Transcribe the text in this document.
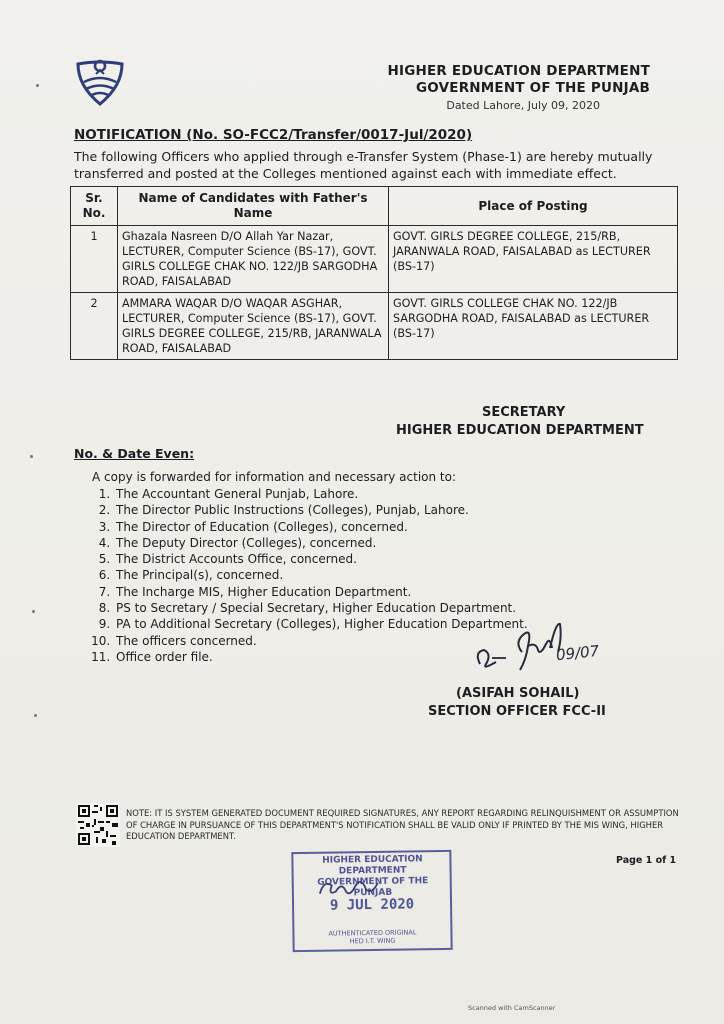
HIGHER EDUCATION DEPARTMENT
GOVERNMENT OF THE PUNJAB
Dated Lahore, July 09, 2020
NOTIFICATION (No. SO-FCC2/Transfer/0017-Jul/2020)
The following Officers who applied through e-Transfer System (Phase-1) are hereby mutually transferred and posted at the Colleges mentioned against each with immediate effect.
Sr. No.	Name of Candidates with Father's Name	Place of Posting
1	Ghazala Nasreen D/O Allah Yar Nazar, LECTURER, Computer Science (BS-17), GOVT. GIRLS COLLEGE CHAK NO. 122/JB SARGODHA ROAD, FAISALABAD	GOVT. GIRLS DEGREE COLLEGE, 215/RB, JARANWALA ROAD, FAISALABAD as LECTURER (BS-17)
2	AMMARA WAQAR D/O WAQAR ASGHAR, LECTURER, Computer Science (BS-17), GOVT. GIRLS DEGREE COLLEGE, 215/RB, JARANWALA ROAD, FAISALABAD	GOVT. GIRLS COLLEGE CHAK NO. 122/JB SARGODHA ROAD, FAISALABAD as LECTURER (BS-17)
SECRETARY
HIGHER EDUCATION DEPARTMENT
No. & Date Even:
A copy is forwarded for information and necessary action to:
1. The Accountant General Punjab, Lahore.
2. The Director Public Instructions (Colleges), Punjab, Lahore.
3. The Director of Education (Colleges), concerned.
4. The Deputy Director (Colleges), concerned.
5. The District Accounts Office, concerned.
6. The Principal(s), concerned.
7. The Incharge MIS, Higher Education Department.
8. PS to Secretary / Special Secretary, Higher Education Department.
9. PA to Additional Secretary (Colleges), Higher Education Department.
10. The officers concerned.
11. Office order file.	09/07
(ASIFAH SOHAIL)
SECTION OFFICER FCC-II
NOTE: IT IS SYSTEM GENERATED DOCUMENT REQUIRED SIGNATURES, ANY REPORT REGARDING RELINQUISHMENT OR ASSUMPTION OF CHARGE IN PURSUANCE OF THIS DEPARTMENT'S NOTIFICATION SHALL BE VALID ONLY IF PRINTED BY THE MIS WING, HIGHER EDUCATION DEPARTMENT.
Page 1 of 1
HIGHER EDUCATION DEPARTMENT
GOVERNMENT OF THE PUNJAB
9 JUL 2020
AUTHENTICATED ORIGINAL
HED I.T. WING
Scanned with CamScanner
